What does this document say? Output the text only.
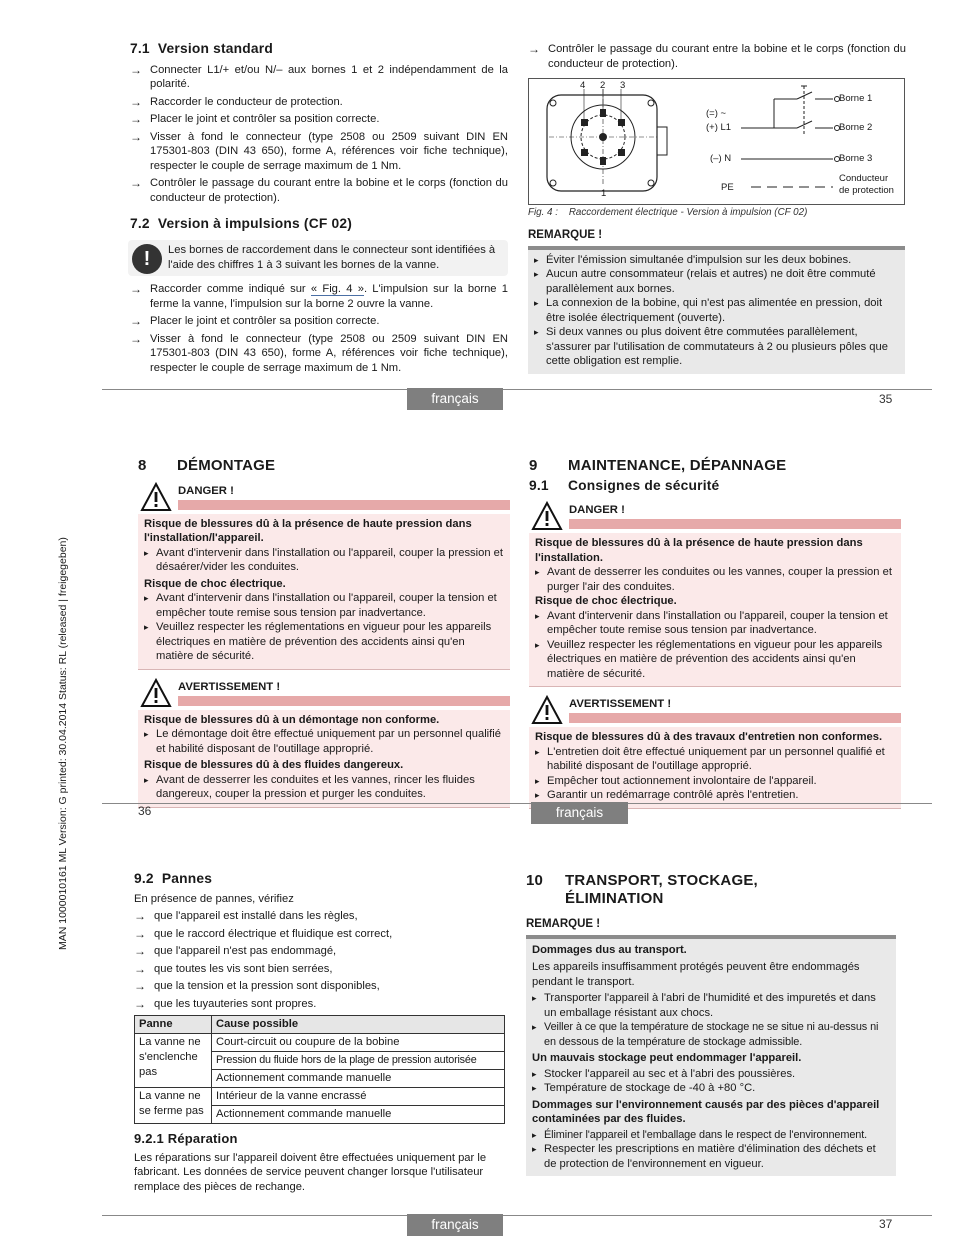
MAN 1000010161 ML Version: G printed: 30.04.2014 Status: RL (released | freigegeben)
7.1 Version standard
→ Connecter L1/+ et/ou N/– aux bornes 1 et 2 indépendamment de la polarité.
→ Raccorder le conducteur de protection.
→ Placer le joint et contrôler sa position correcte.
→ Visser à fond le connecteur (type 2508 ou 2509 suivant DIN EN 175301-803 (DIN 43 650), forme A, références voir fiche technique), respecter le couple de serrage maximum de 1 Nm.
→ Contrôler le passage du courant entre la bobine et le corps (fonction du conducteur de protection).
7.2 Version à impulsions (CF 02)
!	Les bornes de raccordement dans le connecteur sont identifiées à l'aide des chiffres 1 à 3 suivant les bornes de la vanne.
→ Raccorder comme indiqué sur « Fig. 4 ». L'impulsion sur la borne 1 ferme la vanne, l'impulsion sur la borne 2 ouvre la vanne.
→ Placer le joint et contrôler sa position correcte.
→ Visser à fond le connecteur (type 2508 ou 2509 suivant DIN EN 175301-803 (DIN 43 650), forme A, références voir fiche technique), respecter le couple de serrage maximum de 1 Nm.
→ Contrôler le passage du courant entre la bobine et le corps (fonction du conducteur de protection).
4 2 3
1
(=) ~
(+) L1
(–) N
PE
Borne 1
Borne 2
Borne 3
Conducteur
de protection
Fig. 4 : Raccordement électrique - Version à impulsion (CF 02)
REMARQUE !
▸ Éviter l'émission simultanée d'impulsion sur les deux bobines.
▸ Aucun autre consommateur (relais et autres) ne doit être commuté parallèlement aux bornes.
▸ La connexion de la bobine, qui n'est pas alimentée en pression, doit être isolée électriquement (ouverte).
▸ Si deux vannes ou plus doivent être commutées parallèlement, s'assurer par l'utilisation de commutateurs à 2 ou plusieurs pôles que cette obligation est remplie.
français	35
8 DÉMONTAGE
DANGER !
Risque de blessures dû à la présence de haute pression dans l'installation/l'appareil.
▸ Avant d'intervenir dans l'installation ou l'appareil, couper la pression et désaérer/vider les conduites.
Risque de choc électrique.
▸ Avant d'intervenir dans l'installation ou l'appareil, couper la tension et empêcher toute remise sous tension par inadvertance.
▸ Veuillez respecter les réglementations en vigueur pour les appareils électriques en matière de prévention des accidents ainsi qu'en matière de sécurité.
AVERTISSEMENT !
Risque de blessures dû à un démontage non conforme.
▸ Le démontage doit être effectué uniquement par un personnel qualifié et habilité disposant de l'outillage approprié.
Risque de blessures dû à des fluides dangereux.
▸ Avant de desserrer les conduites et les vannes, rincer les fluides dangereux, couper la pression et purger les conduites.
9 MAINTENANCE, DÉPANNAGE
9.1 Consignes de sécurité
DANGER !
Risque de blessures dû à la présence de haute pression dans l'installation.
▸ Avant de desserrer les conduites ou les vannes, couper la pression et purger l'air des conduites.
Risque de choc électrique.
▸ Avant d'intervenir dans l'installation ou l'appareil, couper la tension et empêcher toute remise sous tension par inadvertance.
▸ Veuillez respecter les réglementations en vigueur pour les appareils électriques en matière de prévention des accidents ainsi qu'en matière de sécurité.
AVERTISSEMENT !
Risque de blessures dû à des travaux d'entretien non conformes.
▸ L'entretien doit être effectué uniquement par un personnel qualifié et habilité disposant de l'outillage approprié.
▸ Empêcher tout actionnement involontaire de l'appareil.
▸ Garantir un redémarrage contrôlé après l'entretien.
36	français
9.2 Pannes
En présence de pannes, vérifiez
→ que l'appareil est installé dans les règles,
→ que le raccord électrique et fluidique est correct,
→ que l'appareil n'est pas endommagé,
→ que toutes les vis sont bien serrées,
→ que la tension et la pression sont disponibles,
→ que les tuyauteries sont propres.
Panne	Cause possible
La vanne ne s'enclenche pas	Court-circuit ou coupure de la bobine
	Pression du fluide hors de la plage de pression autorisée
	Actionnement commande manuelle
La vanne ne se ferme pas	Intérieur de la vanne encrassé
	Actionnement commande manuelle
9.2.1 Réparation
Les réparations sur l'appareil doivent être effectuées uniquement par le fabricant. Les données de service peuvent changer lorsque l'utilisateur remplace des pièces de rechange.
10 TRANSPORT, STOCKAGE,
ÉLIMINATION
REMARQUE !

Dommages dus au transport.

Les appareils insuffisamment protégés peuvent être endommagés pendant le transport.

▸ Transporter l'appareil à l'abri de l'humidité et des impuretés et dans un emballage résistant aux chocs.
▸ Veiller à ce que la température de stockage ne se situe ni au-dessus ni en dessous de la température de stockage admissible.

Un mauvais stockage peut endommager l'appareil.

▸ Stocker l'appareil au sec et à l'abri des poussières.
▸ Température de stockage de -40 à +80 °C.

Dommages sur l'environnement causés par des pièces d'appareil contaminées par des fluides.

▸ Éliminer l'appareil et l'emballage dans le respect de l'environnement.
▸ Respecter les prescriptions en matière d'élimination des déchets et de protection de l'environnement en vigueur.
français	37
